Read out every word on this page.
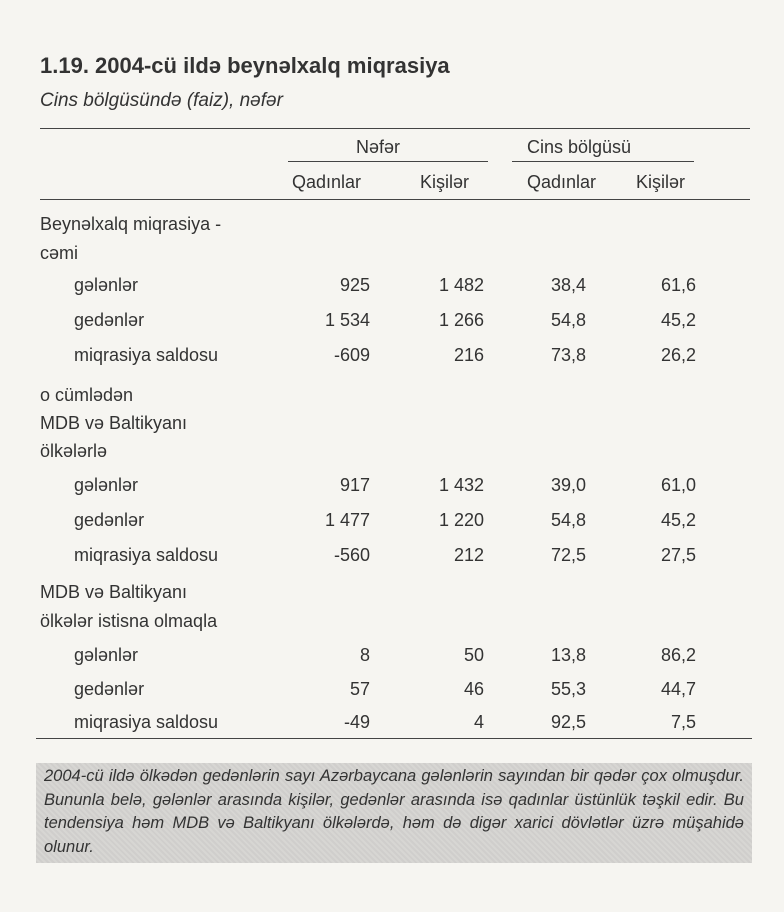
1.19. 2004-cü ildə beynəlxalq miqrasiya
Cins bölgüsündə (faiz), nəfər
Nəfər	Cins bölgüsü
Qadınlar	Kişilər	Qadınlar Kişilər
Beynəlxalq miqrasiya -
cəmi
gələnlər	925	1 482	38,4	61,6
gedənlər	1 534	1 266	54,8	45,2
miqrasiya saldosu	-609	216	73,8	26,2
o cümlədən
MDB və Baltikyanı
ölkələrlə
gələnlər	917	1 432	39,0	61,0
gedənlər	1 477	1 220	54,8	45,2
miqrasiya saldosu	-560	212	72,5	27,5
MDB və Baltikyanı
ölkələr istisna olmaqla
gələnlər	8	50	13,8	86,2
gedənlər	57	46	55,3	44,7
miqrasiya saldosu	-49	4	92,5	7,5
2004-cü ildə ölkədən gedənlərin sayı Azərbaycana gələnlərin sayından bir qədər çox olmuşdur. Bununla belə, gələnlər arasında kişilər, gedənlər arasında isə qadınlar üstünlük təşkil edir. Bu tendensiya həm MDB və Baltikyanı ölkələrdə, həm də digər xarici dövlətlər üzrə müşahidə olunur.
